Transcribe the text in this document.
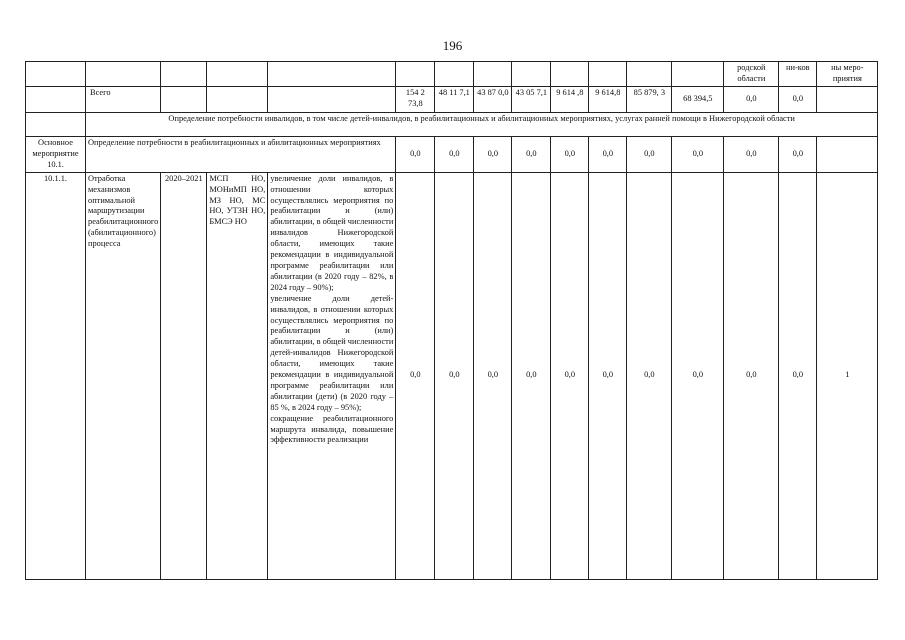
196
													родской области	ни-ков	ны меро-приятия
	Всего				154 2 73,8	48 11 7,1	43 87 0,0	43 05 7,1	9 614 ,8	9 614,8	85 879, 3	68 394,5	0,0	0,0	
	Определение потребности инвалидов, в том числе детей-инвалидов, в реабилитационных и абилитационных мероприятиях, услугах ранней помощи в Нижегородской области														
Основное мероприятие 10.1.	Определение потребности в реабилитационных и абилитационных мероприятиях				0,0	0,0	0,0	0,0	0,0	0,0	0,0	0,0	0,0	0,0	
10.1.1.	Отработка механизмов оптимальной маршрутизации реабилитационного (абилитационного) процесса	2020–2021	МСП НО, МОНиМП НО, МЗ НО, МС НО, УТЗН НО, БМСЭ НО	увеличение доли инвалидов, в отношении которых осуществлялись мероприятия по реабилитации и (или) абилитации, в общей численности инвалидов Нижегородской области, имеющих такие рекомендации в индивидуальной программе реабилитации или абилитации (в 2020 году – 82%, в 2024 году – 90%);
увеличение доли детей-инвалидов, в отношении которых осуществлялись мероприятия по реабилитации и (или) абилитации, в общей численности детей-инвалидов Нижегородской области, имеющих такие рекомендации в индивидуальной программе реабилитации или абилитации (дети) (в 2020 году – 85 %, в 2024 году – 95%);
сокращение реабилитационного маршрута инвалида, повышение эффективности реализации	0,0	0,0	0,0	0,0	0,0	0,0	0,0	0,0	0,0	0,0	1
